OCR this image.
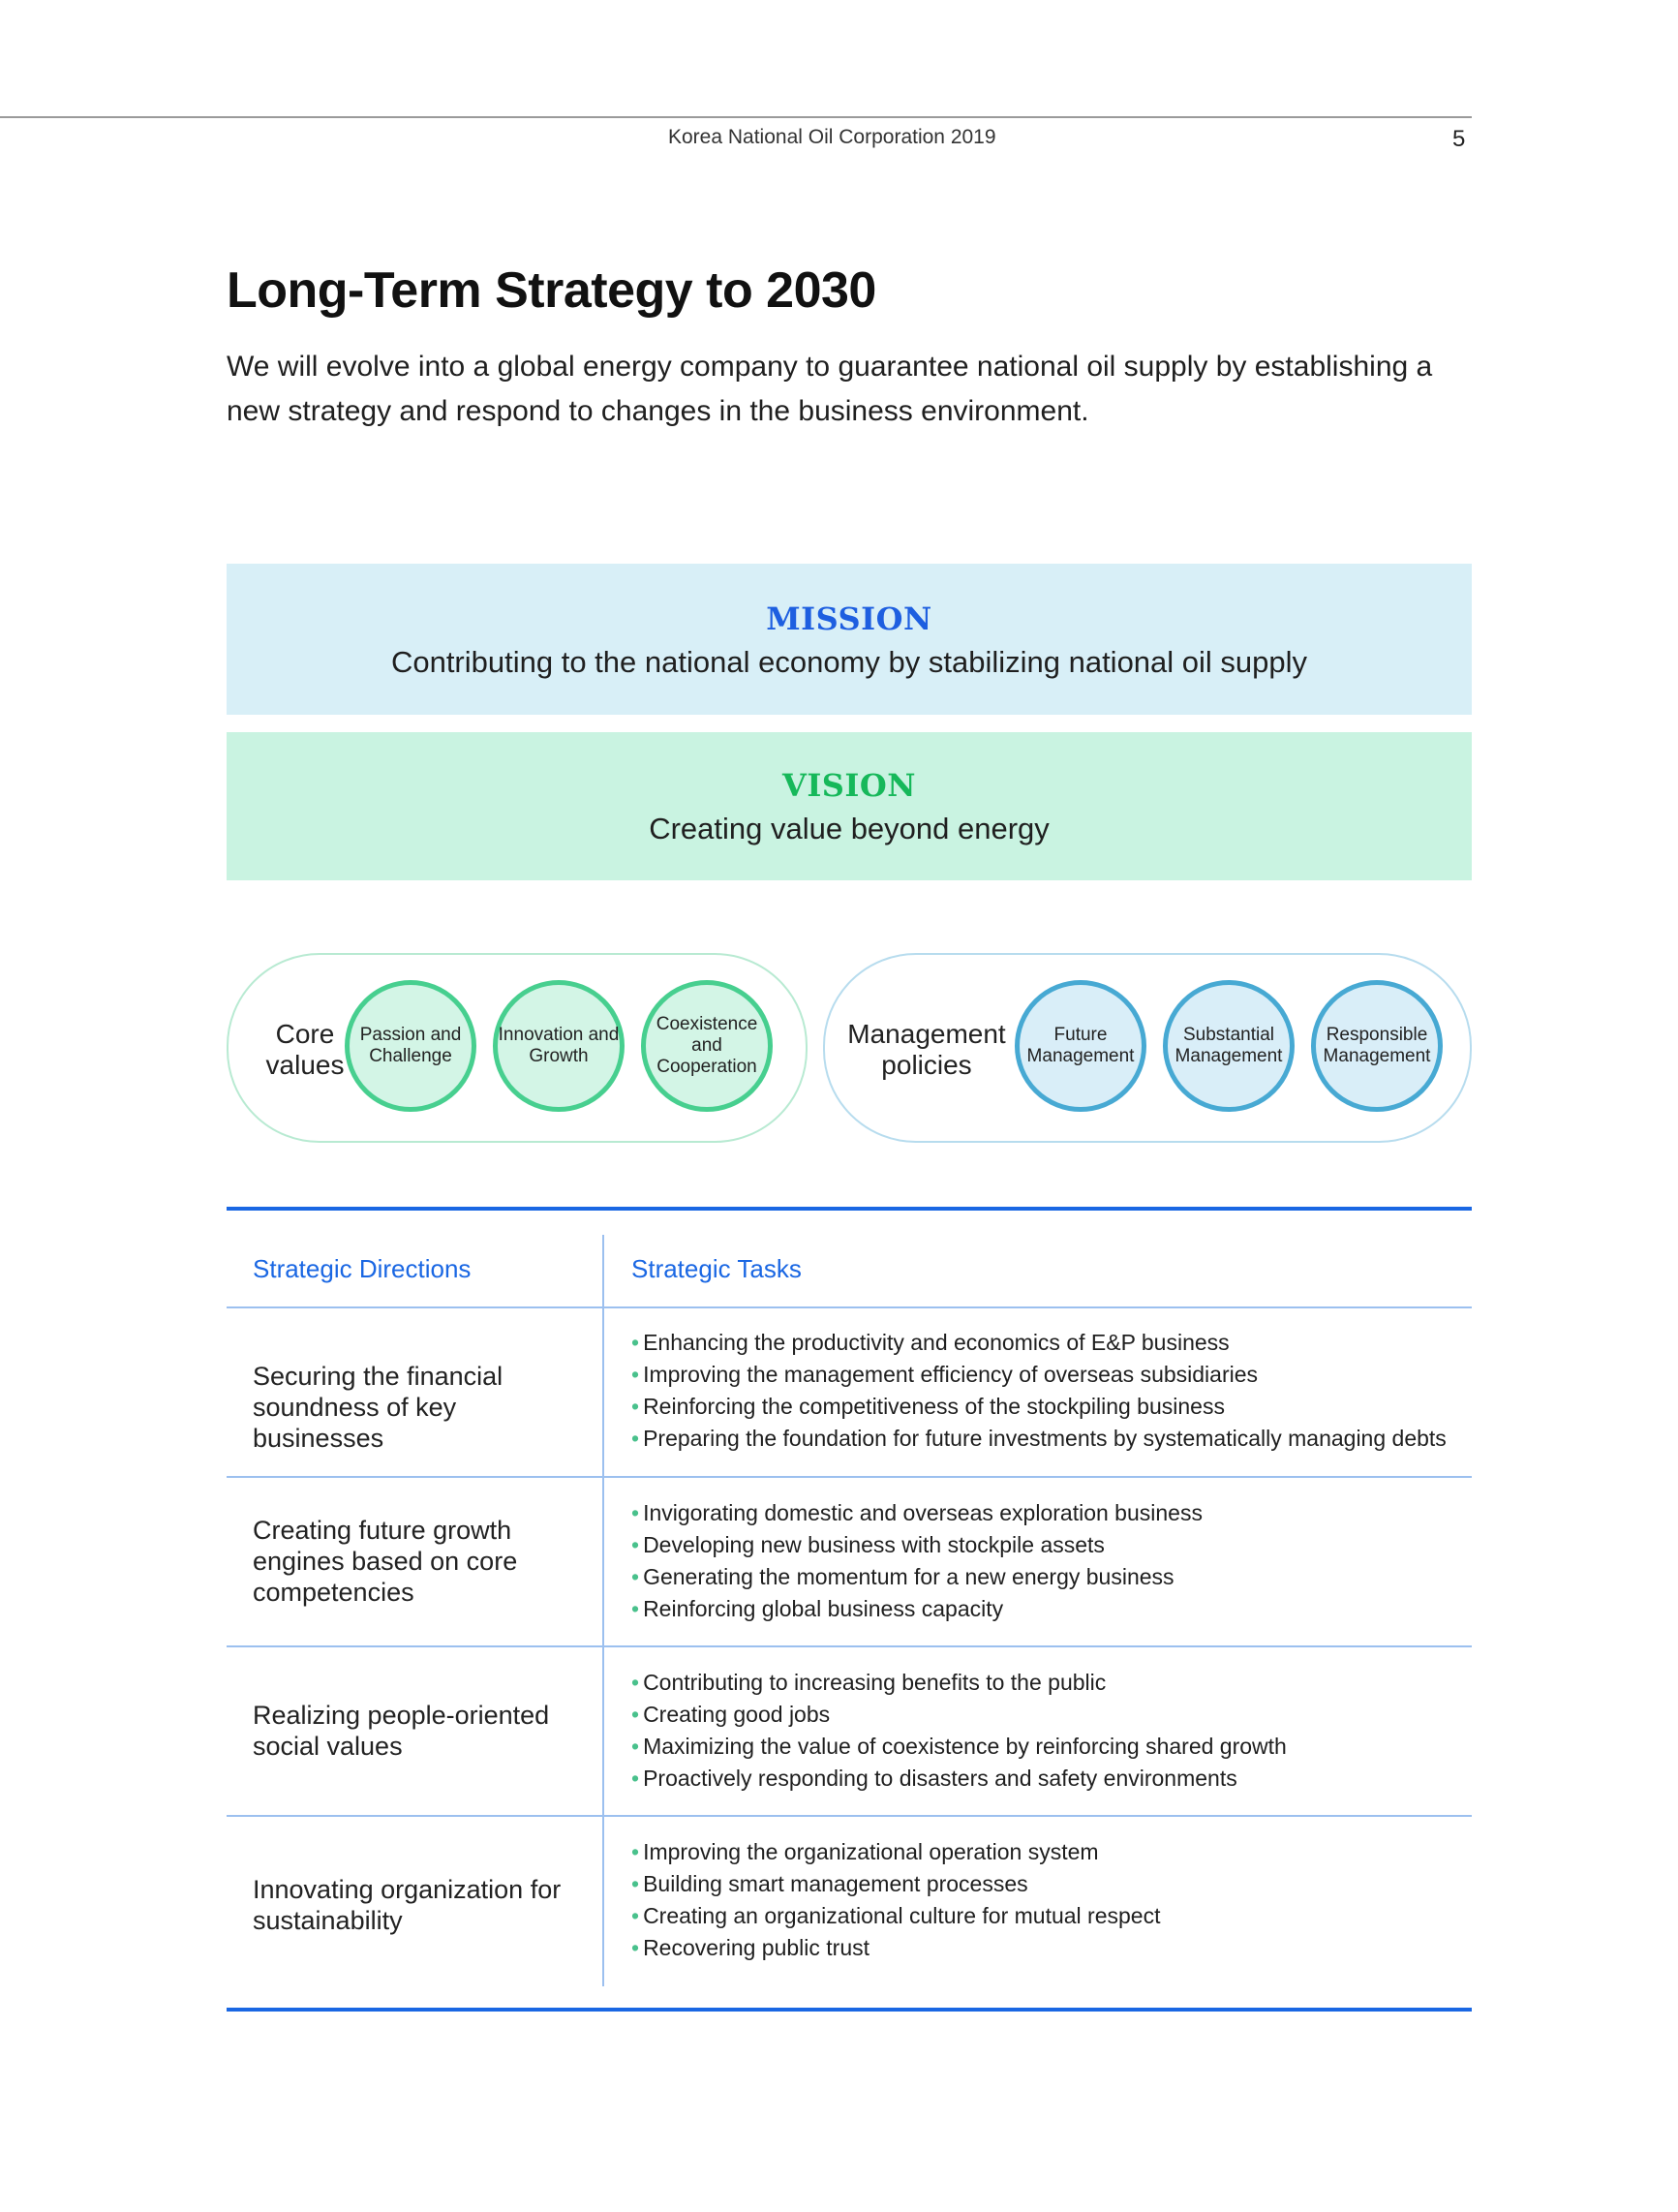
Korea National Oil Corporation 2019	5
Long-Term Strategy to 2030

We will evolve into a global energy company to guarantee national oil supply by establishing a new strategy and respond to changes in the business environment.

MISSION
Contributing to the national economy by stabilizing national oil supply
VISION
Creating value beyond energy
Core values
Passion and Challenge
Innovation and Growth
Coexistence and Cooperation
Management policies
Future Management
Substantial Management
Responsible Management
Strategic Directions	Strategic Tasks
Securing the financial soundness of key businesses
• Enhancing the productivity and economics of E&P business
• Improving the management efficiency of overseas subsidiaries
• Reinforcing the competitiveness of the stockpiling business
• Preparing the foundation for future investments by systematically managing debts
Creating future growth engines based on core competencies
• Invigorating domestic and overseas exploration business
• Developing new business with stockpile assets
• Generating the momentum for a new energy business
• Reinforcing global business capacity
Realizing people-oriented social values
• Contributing to increasing benefits to the public
• Creating good jobs
• Maximizing the value of coexistence by reinforcing shared growth
• Proactively responding to disasters and safety environments
Innovating organization for sustainability
• Improving the organizational operation system
• Building smart management processes
• Creating an organizational culture for mutual respect
• Recovering public trust
